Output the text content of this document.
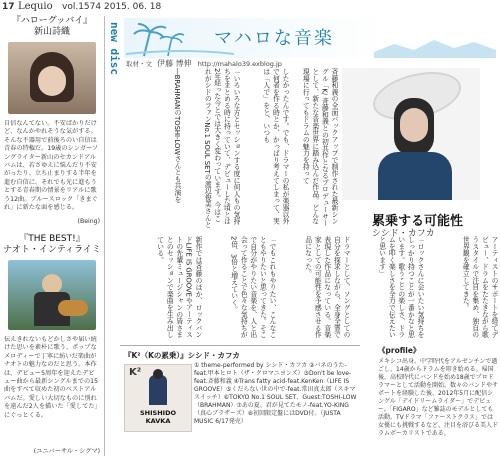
17 Lequio vol.1574 2015. 06. 18
『ハローグッバイ』
新山詩織
自信なんてない。不安ばかりだけど、なんかやれそうな気がする。そんな不器用で前後ろのい自信は青春の特権だ。19歳のシンガーソングライター新山のセカンドアルバムは、若さゆえに悩んだり不安がったり、立ち止まりする半年を進む自信に、それでも光に進もうとする青春期の情景をリアルに歌う12曲。ブルースロック「きまぐれ」に新たな面を感じる。
(Being)
『THE BEST!』
ナオト・インティライミ
伝えきれないもどかしさや届い続けた思いを素朴に歌う、ポップなメロディーで丁寧に紡いだ楽曲がナオトの魅力なのだと思う。本作は、デビュー5周年を迎えたデビュー曲から最新シングルまでの15曲をすべて収めた初のベストアルバムだ。愛しい大切なものに別れを遠んだ2人を描いた「愛してた」にぐっとくる。
(ユニバーサル・シグマ)
new disc	マハロな音楽
取材・文 伊藤 博伸 http://mahalo39.exblog.jp
累乗する可能性
シシド・カフカ
斉藤和義の全面バックアップで制作された最新シングル「K/ 斉藤和義との初共作となるプロデューサーとして、新たな音楽世界に踏み込んだ作品。どんな現場に行ってもドラムの魅力を持って
したかったんです。でも、ドラマーの私が楽器以外で何者を作る時とか、かっぱり考えてしまって、実は「人で」をと、いつも
「いろいろな方とセッションする度に何人もの気持ちをまとめる時に持っていて、デビューした頃とは2年経った今とでは大きく変わっています。今はこれがシドのファンNo.1 SOUL SETの渡辺俊美さんと
―BRAHMANのTOSHI-LOWさんとも共演を
アーティストのサポートを経てデビュー、ドラムをたたきながら歌うスタイルで注目を集め、独自の世界観を確立してきた。
「ロックさんに会いたい気持ちをしっかり持つことが一番かなと思います。歌うことの楽しさ、ドラムを叩く楽しさを全力で伝えたいと思います」
ドラマーとして、ソングとしての自分を探求しながら、全身全霊で表現した作品になっている。音楽家としての可能性を予感させる作品になった。
「でもこれもやりたい、こんなこともやりたいと思ってきた。そこで自分がやりたい音楽を、人と出会って作ることで色々な気持ちが2倍、3倍と増えていく。
新作では斉藤のほか、ロックバンドLIFE IS GROOVEやアーティストの先輩ミュージシャンの皆さまとのセッションで楽曲を生み出している。
『K²（Kの累乗）』シシド・カフカ
K²
SHISHIDO KAVKA
① theme-performed by シシド・カフカ ②バネのうた-feat.甲本ヒロト（ザ・クロマニヨンズ）③Don't be love-feat.斉藤和義 ④Trans fatty acid-feat.KenKen（LIFE IS GROOVE）⑤くだらない世の中で-feat.常田真太郎（スキマスイッチ）⑥TOKYO No.1 SOUL SET、Guest:TOSHI-LOW（BRAHMAN）⑦あの夏、君が見てたモノ-feat.YO-KING（真心ブラザーズ）⑧初回限定盤にはDVD付。（JUSTA MUSIC 6/17発売）
《profile》
メキシコ出身。中学時代をアルゼンチンで過ごし、14歳からドラムを叩き始める。帰国後、高校時代にバンドを始め18歳でプロドラマーとして活動を開始。数々のバンドやサポートを経験した後、2012年5月に配信シングル「デイドリームライダー」でデビュー。「FIGARO」など雑誌のモデルとしても活動。TVドラマ「ファーストクラス」では女優にも挑戦するなど、注目を浴びる美人ドラムボーカリストである。
